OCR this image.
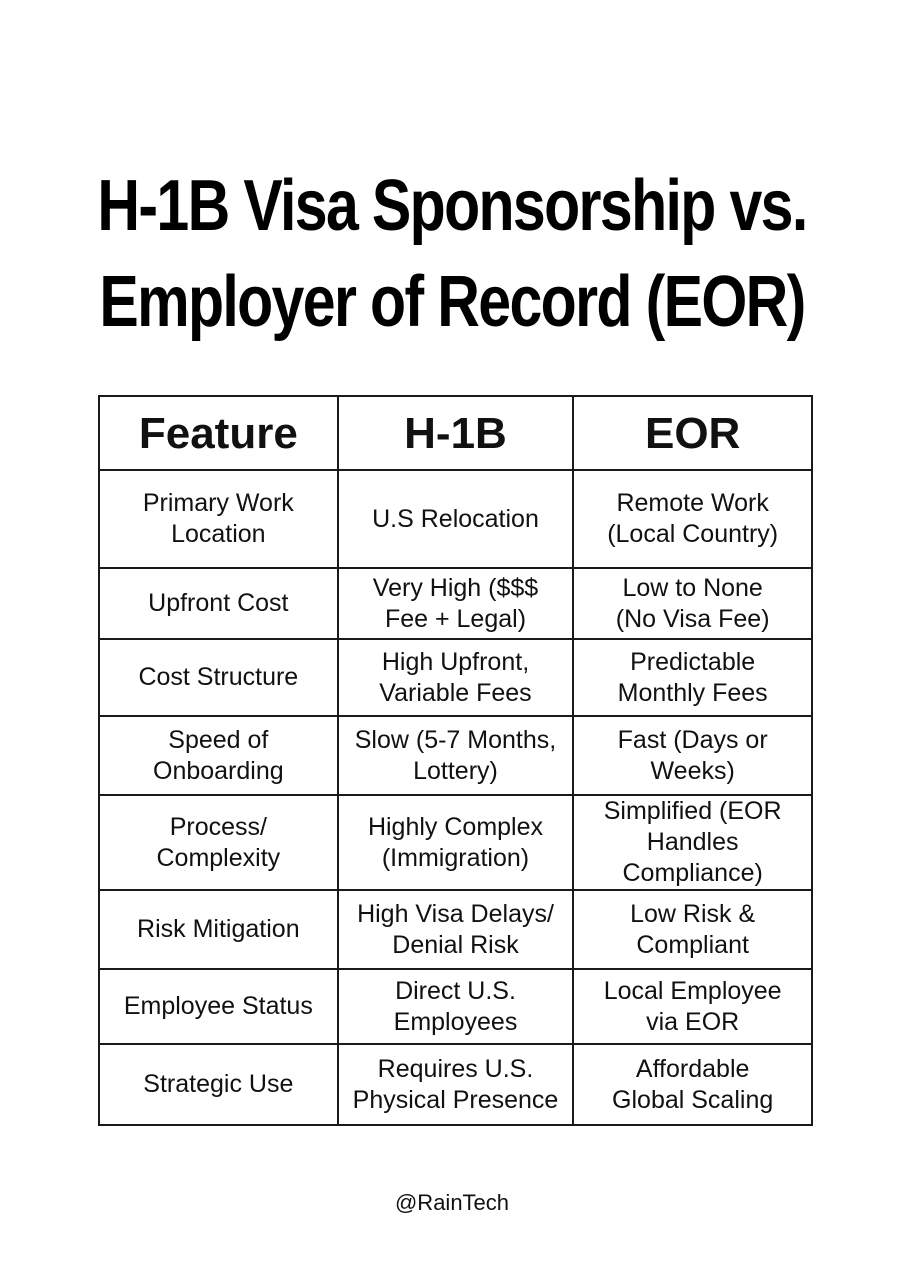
H-1B Visa Sponsorship vs.
Employer of Record (EOR)
Feature	H-1B	EOR
Primary Work Location	U.S Relocation	Remote Work (Local Country)
Upfront Cost	Very High ($$$ Fee + Legal)	Low to None (No Visa Fee)
Cost Structure	High Upfront, Variable Fees	Predictable Monthly Fees
Speed of Onboarding	Slow (5-7 Months, Lottery)	Fast (Days or Weeks)
Process/ Complexity	Highly Complex (Immigration)	Simplified (EOR Handles Compliance)
Risk Mitigation	High Visa Delays/ Denial Risk	Low Risk & Compliant
Employee Status	Direct U.S. Employees	Local Employee via EOR
Strategic Use	Requires U.S. Physical Presence	Affordable Global Scaling
@RainTech
